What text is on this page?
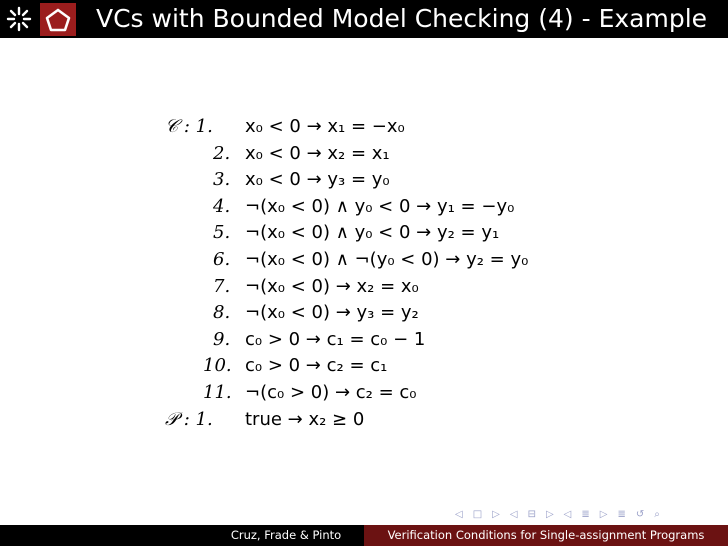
VCs with Bounded Model Checking (4) - Example
𝒞 : 1. x₀ < 0 → x₁ = −x₀
2. x₀ < 0 → x₂ = x₁
3. x₀ < 0 → y₃ = y₀
4. ¬(x₀ < 0) ∧ y₀ < 0 → y₁ = −y₀
5. ¬(x₀ < 0) ∧ y₀ < 0 → y₂ = y₁
6. ¬(x₀ < 0) ∧ ¬(y₀ < 0) → y₂ = y₀
7. ¬(x₀ < 0) → x₂ = x₀
8. ¬(x₀ < 0) → y₃ = y₂
9. c₀ > 0 → c₁ = c₀ − 1
10. c₀ > 0 → c₂ = c₁
11. ¬(c₀ > 0) → c₂ = c₀
𝒫 : 1. true → x₂ ≥ 0
◁ □ ▷ ◁ ⊟ ▷ ◁ ≣ ▷ ≣ ↺ ⌕
Cruz, Frade & Pinto	Verification Conditions for Single-assignment Programs
